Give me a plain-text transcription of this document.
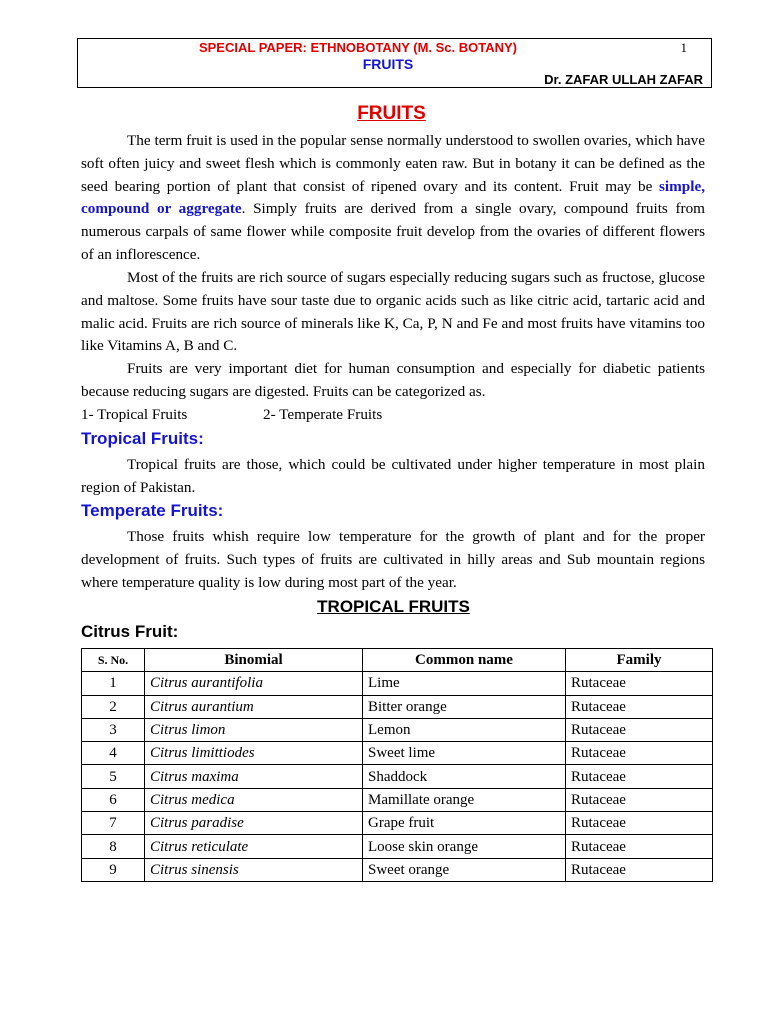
SPECIAL PAPER: ETHNOBOTANY (M. Sc. BOTANY)	1
FRUITS
Dr. ZAFAR ULLAH ZAFAR
FRUITS

The term fruit is used in the popular sense normally understood to swollen ovaries, which have soft often juicy and sweet flesh which is commonly eaten raw. But in botany it can be defined as the seed bearing portion of plant that consist of ripened ovary and its content. Fruit may be simple, compound or aggregate. Simply fruits are derived from a single ovary, compound fruits from numerous carpals of same flower while composite fruit develop from the ovaries of different flowers of an inflorescence.

Most of the fruits are rich source of sugars especially reducing sugars such as fructose, glucose and maltose. Some fruits have sour taste due to organic acids such as like citric acid, tartaric acid and malic acid. Fruits are rich source of minerals like K, Ca, P, N and Fe and most fruits have vitamins too like Vitamins A, B and C.

Fruits are very important diet for human consumption and especially for diabetic patients because reducing sugars are digested. Fruits can be categorized as.

1- Tropical Fruits	2- Temperate Fruits
Tropical Fruits:

Tropical fruits are those, which could be cultivated under higher temperature in most plain region of Pakistan.

Temperate Fruits:

Those fruits whish require low temperature for the growth of plant and for the proper development of fruits. Such types of fruits are cultivated in hilly areas and Sub mountain regions where temperature quality is low during most part of the year.

TROPICAL FRUITS
Citrus Fruit:
S. No.	Binomial	Common name	Family
1	Citrus aurantifolia	Lime	Rutaceae
2	Citrus aurantium	Bitter orange	Rutaceae
3	Citrus limon	Lemon	Rutaceae
4	Citrus limittiodes	Sweet lime	Rutaceae
5	Citrus maxima	Shaddock	Rutaceae
6	Citrus medica	Mamillate orange	Rutaceae
7	Citrus paradise	Grape fruit	Rutaceae
8	Citrus reticulate	Loose skin orange	Rutaceae
9	Citrus sinensis	Sweet orange	Rutaceae
